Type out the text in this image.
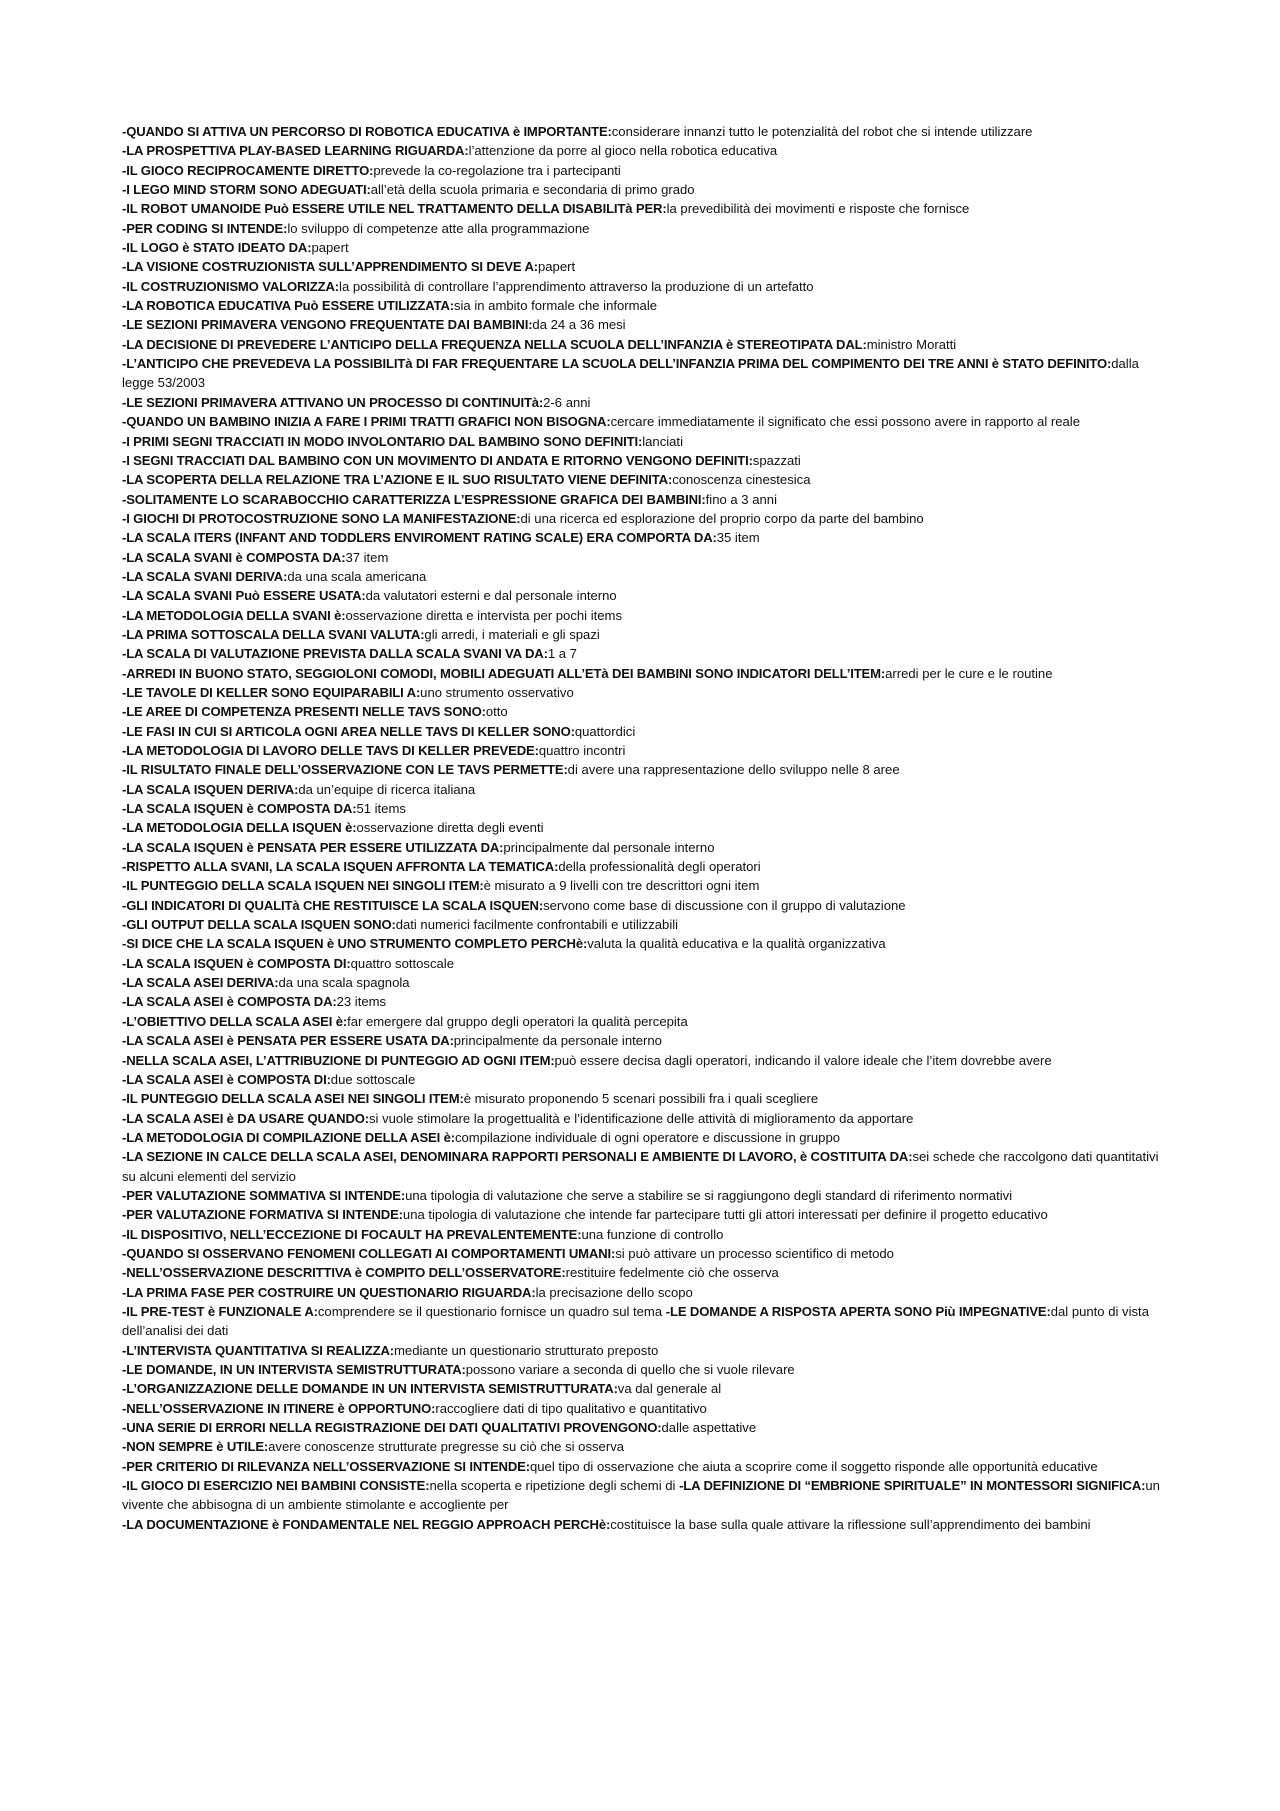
-QUANDO SI ATTIVA UN PERCORSO DI ROBOTICA EDUCATIVA è IMPORTANTE:considerare innanzi tutto le potenzialità del robot che si intende utilizzare
-LA PROSPETTIVA PLAY-BASED LEARNING RIGUARDA:l’attenzione da porre al gioco nella robotica educativa
-IL GIOCO RECIPROCAMENTE DIRETTO:prevede la co-regolazione tra i partecipanti
-I LEGO MIND STORM SONO ADEGUATI:all’età della scuola primaria e secondaria di primo grado
-IL ROBOT UMANOIDE Può ESSERE UTILE NEL TRATTAMENTO DELLA DISABILITà PER:la prevedibilità dei movimenti e risposte che fornisce
-PER CODING SI INTENDE:lo sviluppo di competenze atte alla programmazione
-IL LOGO è STATO IDEATO DA:papert
-LA VISIONE COSTRUZIONISTA SULL’APPRENDIMENTO SI DEVE A:papert
-IL COSTRUZIONISMO VALORIZZA:la possibilità di controllare l’apprendimento attraverso la produzione di un artefatto
-LA ROBOTICA EDUCATIVA Può ESSERE UTILIZZATA:sia in ambito formale che informale
-LE SEZIONI PRIMAVERA VENGONO FREQUENTATE DAI BAMBINI:da 24 a 36 mesi
-LA DECISIONE DI PREVEDERE L’ANTICIPO DELLA FREQUENZA NELLA SCUOLA DELL’INFANZIA è STEREOTIPATA DAL:ministro Moratti
-L’ANTICIPO CHE PREVEDEVA LA POSSIBILITà DI FAR FREQUENTARE LA SCUOLA DELL’INFANZIA PRIMA DEL COMPIMENTO DEI TRE ANNI è STATO DEFINITO:dalla legge 53/2003
-LE SEZIONI PRIMAVERA ATTIVANO UN PROCESSO DI CONTINUITà:2-6 anni
-QUANDO UN BAMBINO INIZIA A FARE I PRIMI TRATTI GRAFICI NON BISOGNA:cercare immediatamente il significato che essi possono avere in rapporto al reale
-I PRIMI SEGNI TRACCIATI IN MODO INVOLONTARIO DAL BAMBINO SONO DEFINITI:lanciati
-I SEGNI TRACCIATI DAL BAMBINO CON UN MOVIMENTO DI ANDATA E RITORNO VENGONO DEFINITI:spazzati
-LA SCOPERTA DELLA RELAZIONE TRA L’AZIONE E IL SUO RISULTATO VIENE DEFINITA:conoscenza cinestesica
-SOLITAMENTE LO SCARABOCCHIO CARATTERIZZA L’ESPRESSIONE GRAFICA DEI BAMBINI:fino a 3 anni
-I GIOCHI DI PROTOCOSTRUZIONE SONO LA MANIFESTAZIONE:di una ricerca ed esplorazione del proprio corpo da parte del bambino
-LA SCALA ITERS (INFANT AND TODDLERS ENVIROMENT RATING SCALE) ERA COMPORTA DA:35 item
-LA SCALA SVANI è COMPOSTA DA:37 item
-LA SCALA SVANI DERIVA:da una scala americana
-LA SCALA SVANI Può ESSERE USATA:da valutatori esterni e dal personale interno
-LA METODOLOGIA DELLA SVANI è:osservazione diretta e intervista per pochi items
-LA PRIMA SOTTOSCALA DELLA SVANI VALUTA:gli arredi, i materiali e gli spazi
-LA SCALA DI VALUTAZIONE PREVISTA DALLA SCALA SVANI VA DA:1 a 7
-ARREDI IN BUONO STATO, SEGGIOLONI COMODI, MOBILI ADEGUATI ALL’ETà DEI BAMBINI SONO INDICATORI DELL’ITEM:arredi per le cure e le routine
-LE TAVOLE DI KELLER SONO EQUIPARABILI A:uno strumento osservativo
-LE AREE DI COMPETENZA PRESENTI NELLE TAVS SONO:otto
-LE FASI IN CUI SI ARTICOLA OGNI AREA NELLE TAVS DI KELLER SONO:quattordici
-LA METODOLOGIA DI LAVORO DELLE TAVS DI KELLER PREVEDE:quattro incontri
-IL RISULTATO FINALE DELL’OSSERVAZIONE CON LE TAVS PERMETTE:di avere una rappresentazione dello sviluppo nelle 8 aree
-LA SCALA ISQUEN DERIVA:da un’equipe di ricerca italiana
-LA SCALA ISQUEN è COMPOSTA DA:51 items
-LA METODOLOGIA DELLA ISQUEN è:osservazione diretta degli eventi
-LA SCALA ISQUEN è PENSATA PER ESSERE UTILIZZATA DA:principalmente dal personale interno
-RISPETTO ALLA SVANI, LA SCALA ISQUEN AFFRONTA LA TEMATICA:della professionalità degli operatori
-IL PUNTEGGIO DELLA SCALA ISQUEN NEI SINGOLI ITEM:è misurato a 9 livelli con tre descrittori ogni item
-GLI INDICATORI DI QUALITà CHE RESTITUISCE LA SCALA ISQUEN:servono come base di discussione con il gruppo di valutazione
-GLI OUTPUT DELLA SCALA ISQUEN SONO:dati numerici facilmente confrontabili e utilizzabili
-SI DICE CHE LA SCALA ISQUEN è UNO STRUMENTO COMPLETO PERCHè:valuta la qualità educativa e la qualità organizzativa
-LA SCALA ISQUEN è COMPOSTA DI:quattro sottoscale
-LA SCALA ASEI DERIVA:da una scala spagnola
-LA SCALA ASEI è COMPOSTA DA:23 items
-L’OBIETTIVO DELLA SCALA ASEI è:far emergere dal gruppo degli operatori la qualità percepita
-LA SCALA ASEI è PENSATA PER ESSERE USATA DA:principalmente da personale interno
-NELLA SCALA ASEI, L’ATTRIBUZIONE DI PUNTEGGIO AD OGNI ITEM:può essere decisa dagli operatori, indicando il valore ideale che l’item dovrebbe avere
-LA SCALA ASEI è COMPOSTA DI:due sottoscale
-IL PUNTEGGIO DELLA SCALA ASEI NEI SINGOLI ITEM:è misurato proponendo 5 scenari possibili fra i quali scegliere
-LA SCALA ASEI è DA USARE QUANDO:si vuole stimolare la progettualità e l’identificazione delle attività di miglioramento da apportare
-LA METODOLOGIA DI COMPILAZIONE DELLA ASEI è:compilazione individuale di ogni operatore e discussione in gruppo
-LA SEZIONE IN CALCE DELLA SCALA ASEI, DENOMINARA RAPPORTI PERSONALI E AMBIENTE DI LAVORO, è COSTITUITA DA:sei schede che raccolgono dati quantitativi su alcuni elementi del servizio
-PER VALUTAZIONE SOMMATIVA SI INTENDE:una tipologia di valutazione che serve a stabilire se si raggiungono degli standard di riferimento normativi
-PER VALUTAZIONE FORMATIVA SI INTENDE:una tipologia di valutazione che intende far partecipare tutti gli attori interessati per definire il progetto educativo
-IL DISPOSITIVO, NELL’ECCEZIONE DI FOCAULT HA PREVALENTEMENTE:una funzione di controllo
-QUANDO SI OSSERVANO FENOMENI COLLEGATI AI COMPORTAMENTI UMANI:si può attivare un processo scientifico di metodo
-NELL’OSSERVAZIONE DESCRITTIVA è COMPITO DELL’OSSERVATORE:restituire fedelmente ciò che osserva
-LA PRIMA FASE PER COSTRUIRE UN QUESTIONARIO RIGUARDA:la precisazione dello scopo
-IL PRE-TEST è FUNZIONALE A:comprendere se il questionario fornisce un quadro sul tema -LE DOMANDE A RISPOSTA APERTA SONO Più IMPEGNATIVE:dal punto di vista dell’analisi dei dati
-L’INTERVISTA QUANTITATIVA SI REALIZZA:mediante un questionario strutturato preposto
-LE DOMANDE, IN UN INTERVISTA SEMISTRUTTURATA:possono variare a seconda di quello che si vuole rilevare
-L’ORGANIZZAZIONE DELLE DOMANDE IN UN INTERVISTA SEMISTRUTTURATA:va dal generale al
-NELL’OSSERVAZIONE IN ITINERE è OPPORTUNO:raccogliere dati di tipo qualitativo e quantitativo
-UNA SERIE DI ERRORI NELLA REGISTRAZIONE DEI DATI QUALITATIVI PROVENGONO:dalle aspettative
-NON SEMPRE è UTILE:avere conoscenze strutturate pregresse su ciò che si osserva
-PER CRITERIO DI RILEVANZA NELL’OSSERVAZIONE SI INTENDE:quel tipo di osservazione che aiuta a scoprire come il soggetto risponde alle opportunità educative
-IL GIOCO DI ESERCIZIO NEI BAMBINI CONSISTE:nella scoperta e ripetizione degli schemi di -LA DEFINIZIONE DI “EMBRIONE SPIRITUALE” IN MONTESSORI SIGNIFICA:un vivente che abbisogna di un ambiente stimolante e accogliente per
-LA DOCUMENTAZIONE è FONDAMENTALE NEL REGGIO APPROACH PERCHè:costituisce la base sulla quale attivare la riflessione sull’apprendimento dei bambini
